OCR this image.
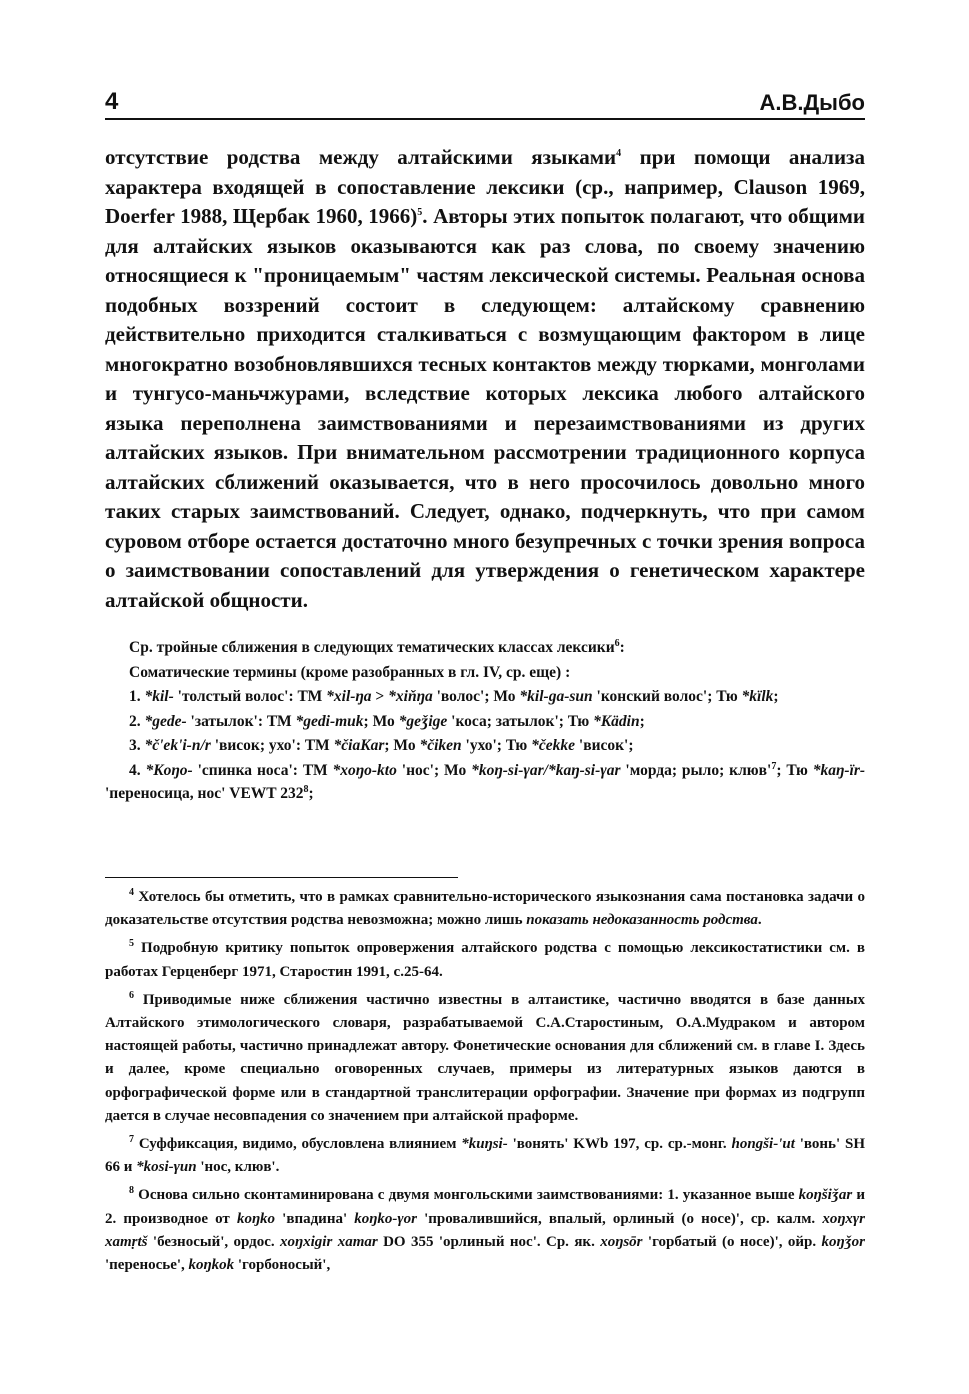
4	А.В.Дыбо

отсутствие родства между алтайскими языками$^4$ при помощи анализа характера входящей в сопоставление лексики (ср., например, Clauson 1969, Doerfer 1988, Щербак 1960, 1966)$^5$. Авторы этих попыток полагают, что общими для алтайских языков оказываются как раз слова, по своему значению относящиеся к "проницаемым" частям лексической системы. Реальная основа подобных воззрений состоит в следующем: алтайскому сравнению действительно приходится сталкиваться с возмущающим фактором в лице многократно возобновлявшихся тесных контактов между тюрками, монголами и тунгусо-маньчжурами, вследствие которых лексика любого алтайского языка переполнена заимствованиями и перезаимствованиями из других алтайских языков. При внимательном рассмотрении традиционного корпуса алтайских сближений оказывается, что в него просочилось довольно много таких старых заимствований. Следует, однако, подчеркнуть, что при самом суровом отборе остается достаточно много безупречных с точки зрения вопроса о заимствовании сопоставлений для утверждения о генетическом характере алтайской общности.

Ср. тройные сближения в следующих тематических классах лексики$^6$:

Соматические термины (кроме разобранных в гл. IV, ср. еще) :

1. *kil- 'толстый волос': ТМ *xil-ŋa > *xiňŋa 'волос'; Мо *kil-ga-sun 'конский волос'; Тю *kïlk;

2. *gede- 'затылок': ТМ *gedi-muk; Мо *geǯige 'коса; затылок'; Тю *Kädin;

3. *č'ek'i-n/r 'висок; ухо': ТМ *čiaKar; Мо *čiken 'ухо'; Тю *čekke 'висок';

4. *Koŋo- 'спинка носа': ТМ *xoŋo-kto 'нос'; Мо *koŋ-si-γar/*kaŋ-si-γar 'морда; рыло; $клюв'^7$; Тю *kaŋ-ïr- 'переносица, нос' VEWT $232^8$;

$^4$ Хотелось бы отметить, что в рамках сравнительно-исторического языкознания сама постановка задачи о доказательстве отсутствия родства невозможна; можно лишь показать недоказанность родства.

$^5$ Подробную критику попыток опровержения алтайского родства с помощью лексикостатистики см. в работах Герценберг 1971, Старостин 1991, с.25-64.

$^6$ Приводимые ниже сближения частично известны в алтаистике, частично вводятся в базе данных Алтайского этимологического словаря, разрабатываемой С.А.Старостиным, О.А.Мудраком и автором настоящей работы, частично принадлежат автору. Фонетические основания для сближений см. в главе I. Здесь и далее, кроме специально оговоренных случаев, примеры из литературных языков даются в орфографической форме или в стандартной транслитерации орфографии. Значение при формах из подгрупп дается в случае несовпадения со значением при алтайской праформе.

$^7$ Суффиксация, видимо, обусловлена влиянием *kuŋsi- 'вонять' KWb 197, ср. ср.-монг. hongši-'ut 'вонь' SH 66 и *kosi-γun 'нос, клюв'.

$^8$ Основа сильно сконтаминирована с двумя монгольскими заимствованиями: 1. указанное выше koŋšiǯar и 2. производное от koŋko 'впадина' koŋko-γor 'провалившийся, впалый, орлиный (о носе)', ср. калм. xoŋxγr xamṛtš 'безносый', ордос. xoŋxigir xamar DO 355 'орлиный нос'. Ср. як. xoŋsōr 'горбатый (о носе)', ойр. koŋǯor 'переносье', koŋkok 'горбоносый',
